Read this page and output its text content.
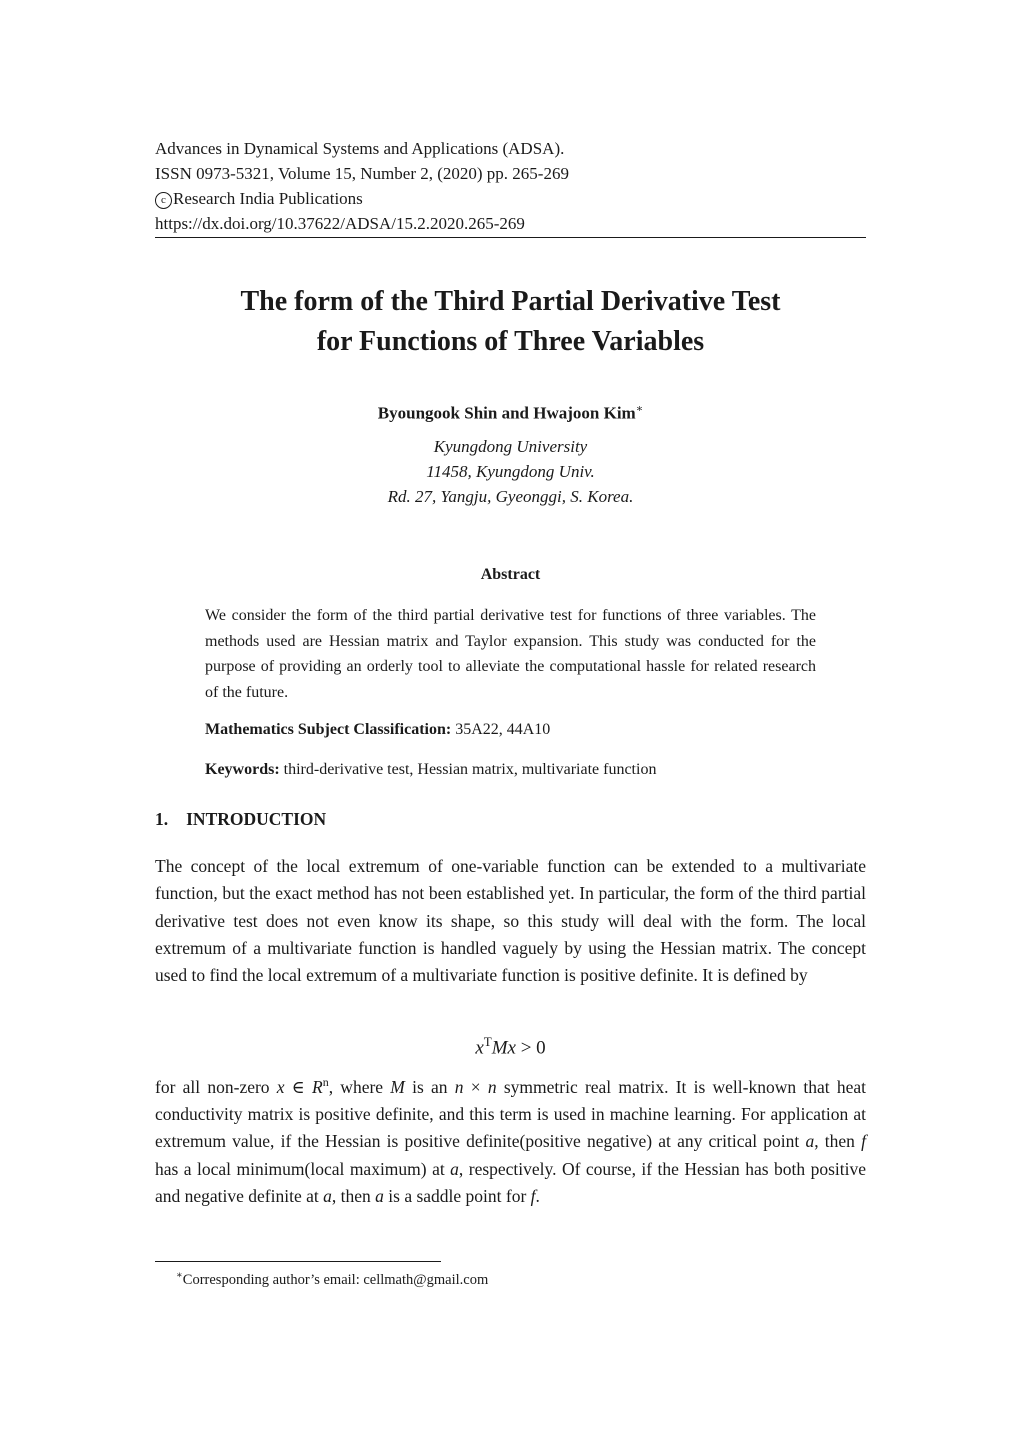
Advances in Dynamical Systems and Applications (ADSA).
ISSN 0973-5321, Volume 15, Number 2, (2020) pp. 265-269
c Research India Publications
https://dx.doi.org/10.37622/ADSA/15.2.2020.265-269
The form of the Third Partial Derivative Test
for Functions of Three Variables
Byoungook Shin and Hwajoon Kim∗
Kyungdong University
11458, Kyungdong Univ.
Rd. 27, Yangju, Gyeonggi, S. Korea.
Abstract
We consider the form of the third partial derivative test for functions of three variables. The methods used are Hessian matrix and Taylor expansion. This study was conducted for the purpose of providing an orderly tool to alleviate the computational hassle for related research of the future.
Mathematics Subject Classification: 35A22, 44A10
Keywords: third-derivative test, Hessian matrix, multivariate function
1. INTRODUCTION
The concept of the local extremum of one-variable function can be extended to a multivariate function, but the exact method has not been established yet. In particular, the form of the third partial derivative test does not even know its shape, so this study will deal with the form. The local extremum of a multivariate function is handled vaguely by using the Hessian matrix. The concept used to find the local extremum of a multivariate function is positive definite. It is defined by
$x^TMx > 0$
for all non-zero x ∈ $R^n$, where M is an n × n symmetric real matrix. It is well-known that heat conductivity matrix is positive definite, and this term is used in machine learning. For application at extremum value, if the Hessian is positive definite(positive negative) at any critical point a, then f has a local minimum(local maximum) at a, respectively. Of course, if the Hessian has both positive and negative definite at a, then a is a saddle point for f.
∗Corresponding author’s email: cellmath@gmail.com
